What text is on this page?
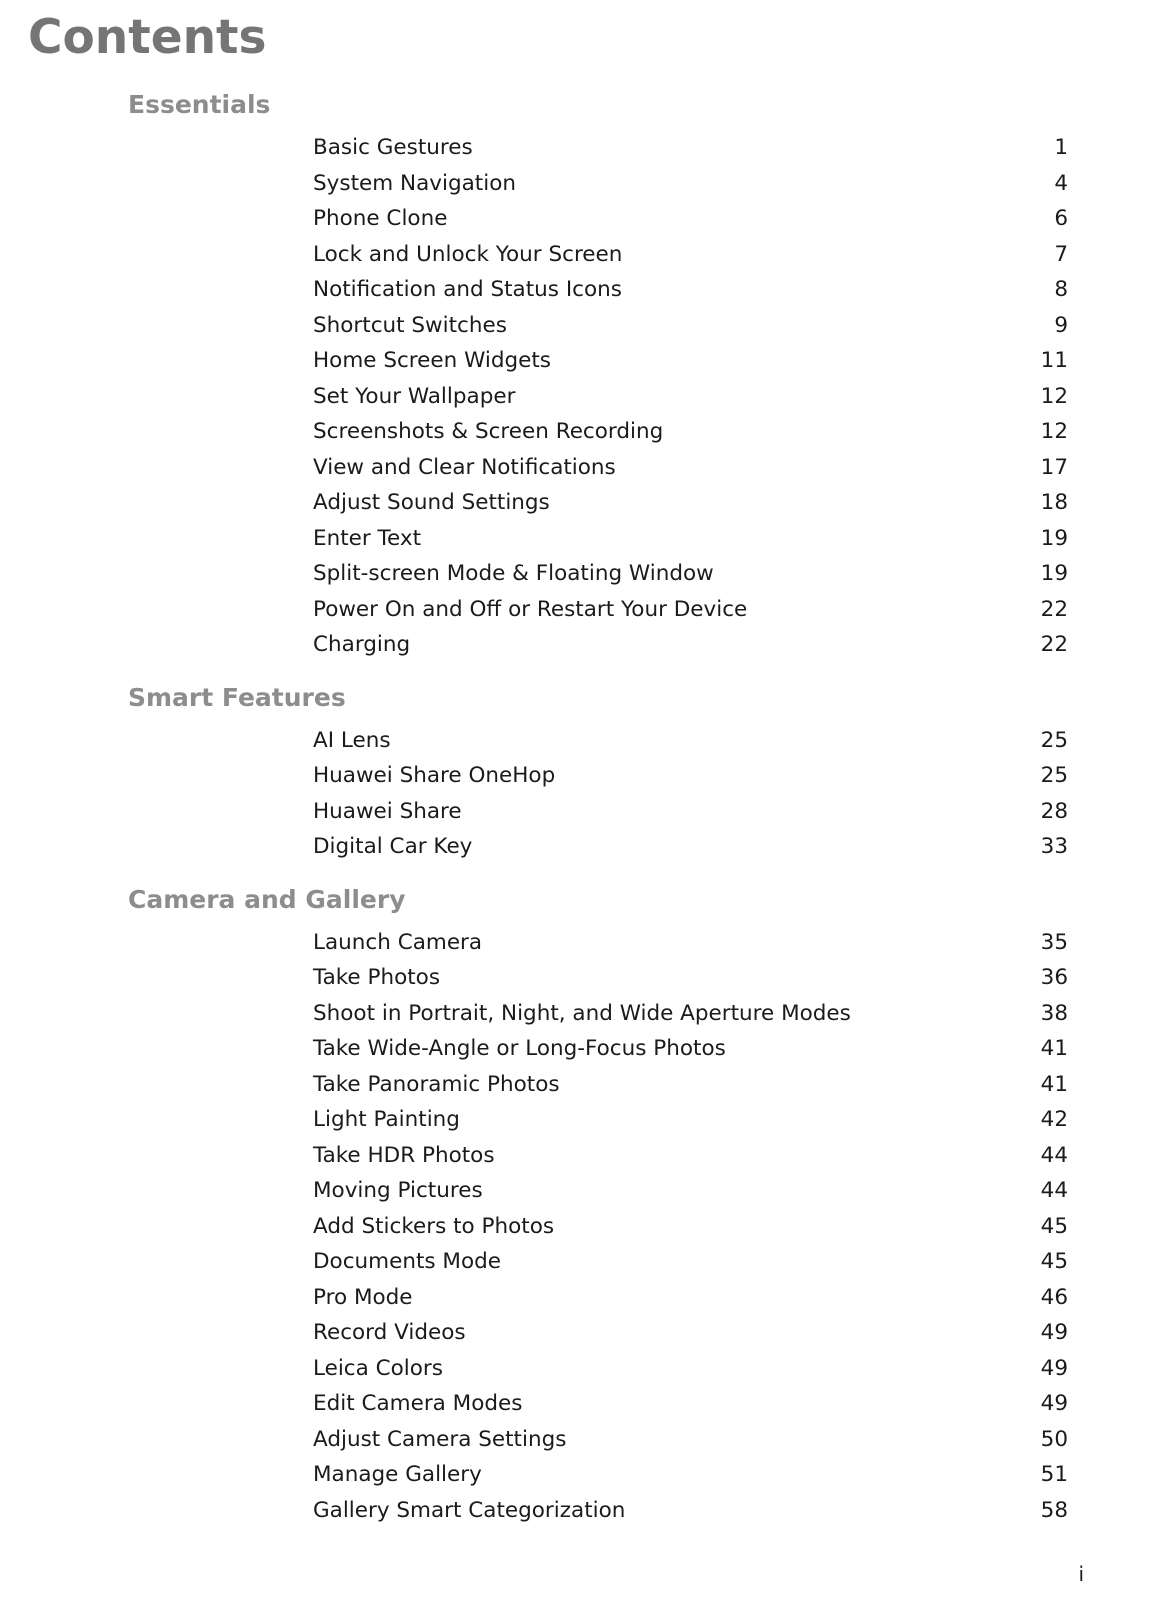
Contents
Essentials
Basic Gestures	1
System Navigation	4
Phone Clone	6
Lock and Unlock Your Screen	7
Notification and Status Icons	8
Shortcut Switches	9
Home Screen Widgets	11
Set Your Wallpaper	12
Screenshots & Screen Recording	12
View and Clear Notifications	17
Adjust Sound Settings	18
Enter Text	19
Split-screen Mode & Floating Window	19
Power On and Off or Restart Your Device	22
Charging	22
Smart Features
AI Lens	25
Huawei Share OneHop	25
Huawei Share	28
Digital Car Key	33
Camera and Gallery
Launch Camera	35
Take Photos	36
Shoot in Portrait, Night, and Wide Aperture Modes	38
Take Wide-Angle or Long-Focus Photos	41
Take Panoramic Photos	41
Light Painting	42
Take HDR Photos	44
Moving Pictures	44
Add Stickers to Photos	45
Documents Mode	45
Pro Mode	46
Record Videos	49
Leica Colors	49
Edit Camera Modes	49
Adjust Camera Settings	50
Manage Gallery	51
Gallery Smart Categorization	58
i
